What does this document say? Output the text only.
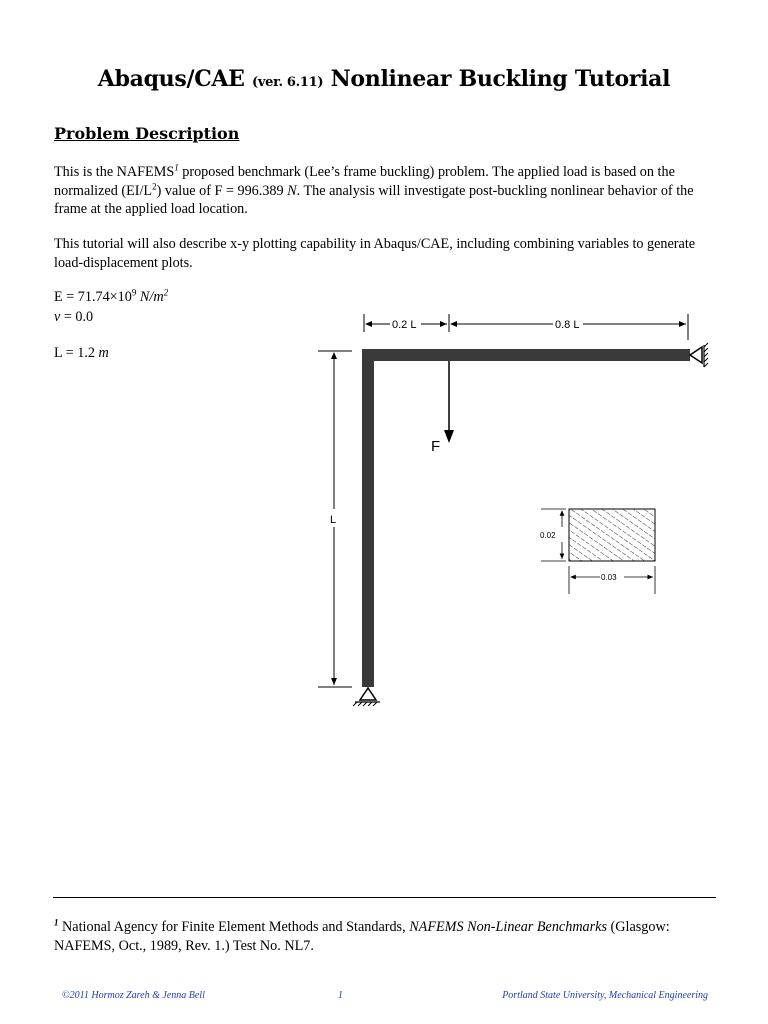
Abaqus/CAE (ver. 6.11) Nonlinear Buckling Tutorial
Problem Description
This is the NAFEMS$^1$ proposed benchmark (Lee’s frame buckling) problem. The applied load is based on the normalized $(EI/L^2)$ value of F = 996.389 N. The analysis will investigate post-buckling nonlinear behavior of the frame at the applied load location.
This tutorial will also describe x-y plotting capability in Abaqus/CAE, including combining variables to generate load-displacement plots.
$E = 71.74\times 10^9$ $N/m^2$
ν = 0.0
L = 1.2 m
0.2 L	0.8 L
L
F
0.02
0.03
$^1$ National Agency for Finite Element Methods and Standards, NAFEMS Non-Linear Benchmarks (Glasgow: NAFEMS, Oct., 1989, Rev. 1.) Test No. NL7.
©2011 Hormoz Zareh & Jenna Bell	1	Portland State University, Mechanical Engineering
